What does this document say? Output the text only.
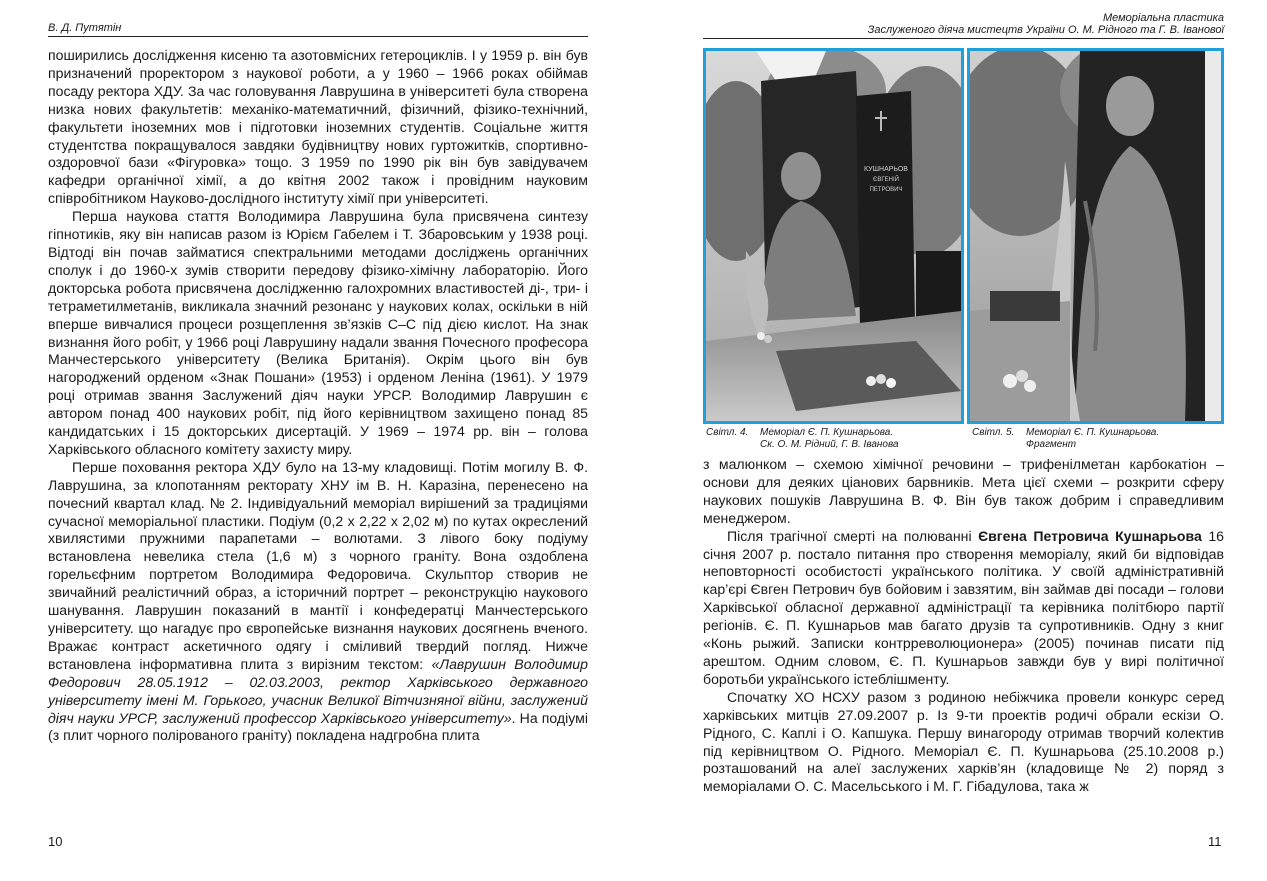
В. Д. Путятін

поширились дослідження кисеню та азотовмісних гетероциклів. І у 1959 р. він був призначений проректором з наукової роботи, а у 1960 – 1966 роках обіймав посаду ректора ХДУ. За час головування Лаврушина в університеті була створена низка нових факультетів: механіко-математичний, фізичний, фізико-технічний, факультети іноземних мов і підготовки іноземних студентів. Соціальне життя студентства покращувалося завдяки будівництву нових гуртожитків, спортивно-оздоровчої бази «Фігуровка» тощо. З 1959 по 1990 рік він був завідувачем кафедри органічної хімії, а до квітня 2002 також і провідним науковим співробітником Науково-дослідного інституту хімії при університеті.

Перша наукова стаття Володимира Лаврушина була присвячена синтезу гіпнотиків, яку він написав разом із Юрієм Габелем і Т. Збаровським у 1938 році. Відтоді він почав займатися спектральними методами досліджень органічних сполук і до 1960-х зумів створити передову фізико-хімічну лабораторію. Його докторська робота присвячена дослідженню галохромних властивостей ді-, три- і тетраметилметанів, викликала значний резонанс у наукових колах, оскільки в ній вперше вивчалися процеси розщеплення зв’язків С–С під дією кислот. На знак визнання його робіт, у 1966 році Лаврушину надали звання Почесного професора Манчестерського університету (Велика Британія). Окрім цього він був нагороджений орденом «Знак Пошани» (1953) і орденом Леніна (1961). У 1979 році отримав звання Заслужений діяч науки УРСР. Володимир Лаврушин є автором понад 400 наукових робіт, під його керівництвом захищено понад 85 кандидатських і 15 докторських дисертацій. У 1969 – 1974 рр. він – голова Харківського обласного комітету захисту миру.

Перше поховання ректора ХДУ було на 13-му кладовищі. Потім могилу В. Ф. Лаврушина, за клопотанням ректорату ХНУ ім В. Н. Каразіна, перенесено на почесний квартал клад. № 2. Індивідуальний меморіал вирішений за традиціями сучасної меморіальної пластики. Подіум (0,2 х 2,22 х 2,02 м) по кутах окреслений хвилястими пружними парапетами – волютами. З лівого боку подіуму встановлена невелика стела (1,6 м) з чорного граніту. Вона оздоблена горельєфним портретом Володимира Федоровича. Скульптор створив не звичайний реалістичний образ, а історичний портрет – реконструкцію наукового шанування. Лаврушин показаний в мантії і конфедератці Манчестерського університету. що нагадує про європейське визнання наукових досягнень вченого. Вражає контраст аскетичного одягу і сміливий твердий погляд. Нижче встановлена інформативна плита з вирізним текстом: «Лаврушин Володимир Федорович 28.05.1912 – 02.03.2003, ректор Харківського державного університету імені М. Горького, учасник Великої Вітчизняної війни, заслужений діяч науки УРСР, заслужений профессор Харківського університету». На подіумі (з плит чорного полірованого граніту) покладена надгробна плита

10
Меморіальна пластика
Заслуженого діяча мистецтв України О. М. Рідного та Г. В. Іванової
КУШНАРЬОВ
ЄВГЕНІЙ
ПЕТРОВИЧ
Світл. 4. Меморіал Є. П. Кушнарьова.
Ск. О. М. Рідний, Г. В. Іванова
Світл. 5. Меморіал Є. П. Кушнарьова.
Фрагмент

з малюнком – схемою хімічної речовини – трифенілметан карбокатіон – основи для деяких ціанових барвників. Мета цієї схеми – розкрити сферу наукових пошуків Лаврушина В. Ф. Він був також добрим і справедливим менеджером.

Після трагічної смерті на полюванні Євгена Петровича Кушнарьова 16 січня 2007 р. постало питання про створення меморіалу, який би відповідав неповторності особистості українського політика. У своїй адміністративній кар’єрі Євген Петрович був бойовим і завзятим, він займав дві посади – голови Харківської обласної державної адміністрації та керівника політбюро партії регіонів. Є. П. Кушнарьов мав багато друзів та супротивників. Одну з книг «Конь рыжий. Записки контрреволюционера» (2005) починав писати під арештом. Одним словом, Є. П. Кушнарьов завжди був у вирі політичної боротьби українського істеблішменту.

Спочатку ХО НСХУ разом з родиною небіжчика провели конкурс серед харківських митців 27.09.2007 р. Із 9-ти проектів родичі обрали ескізи О. Рідного, С. Каплі і О. Капшука. Першу винагороду отримав творчий колектив під керівництвом О. Рідного. Меморіал Є. П. Кушнарьова (25.10.2008 р.) розташований на алеї заслужених харків’ян (кладовище № 2) поряд з меморіалами О. С. Масельського і М. Г. Гібадулова, така ж

11
